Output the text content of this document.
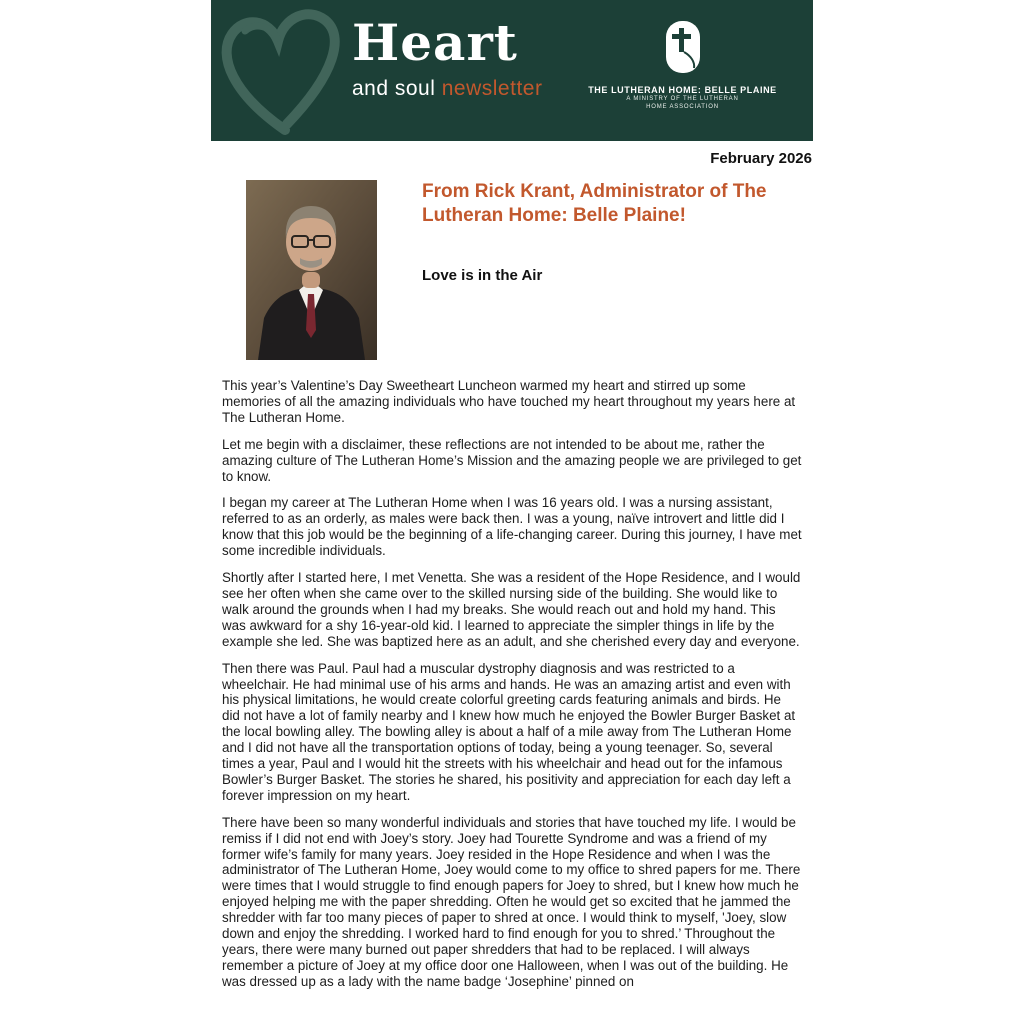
Heart
and soul newsletter	THE LUTHERAN HOME: BELLE PLAINE
A MINISTRY OF THE LUTHERAN
HOME ASSOCIATION
February 2026
From Rick Krant, Administrator of The Lutheran Home: Belle Plaine!
Love is in the Air

This year’s Valentine’s Day Sweetheart Luncheon warmed my heart and stirred up some memories of all the amazing individuals who have touched my heart throughout my years here at The Lutheran Home.

Let me begin with a disclaimer, these reflections are not intended to be about me, rather the amazing culture of The Lutheran Home’s Mission and the amazing people we are privileged to get to know.

I began my career at The Lutheran Home when I was 16 years old. I was a nursing assistant, referred to as an orderly, as males were back then. I was a young, naïve introvert and little did I know that this job would be the beginning of a life-changing career. During this journey, I have met some incredible individuals.

Shortly after I started here, I met Venetta. She was a resident of the Hope Residence, and I would see her often when she came over to the skilled nursing side of the building. She would like to walk around the grounds when I had my breaks. She would reach out and hold my hand. This was awkward for a shy 16-year-old kid. I learned to appreciate the simpler things in life by the example she led. She was baptized here as an adult, and she cherished every day and everyone.

Then there was Paul. Paul had a muscular dystrophy diagnosis and was restricted to a wheelchair. He had minimal use of his arms and hands. He was an amazing artist and even with his physical limitations, he would create colorful greeting cards featuring animals and birds. He did not have a lot of family nearby and I knew how much he enjoyed the Bowler Burger Basket at the local bowling alley. The bowling alley is about a half of a mile away from The Lutheran Home and I did not have all the transportation options of today, being a young teenager. So, several times a year, Paul and I would hit the streets with his wheelchair and head out for the infamous Bowler’s Burger Basket. The stories he shared, his positivity and appreciation for each day left a forever impression on my heart.

There have been so many wonderful individuals and stories that have touched my life. I would be remiss if I did not end with Joey’s story. Joey had Tourette Syndrome and was a friend of my former wife’s family for many years. Joey resided in the Hope Residence and when I was the administrator of The Lutheran Home, Joey would come to my office to shred papers for me. There were times that I would struggle to find enough papers for Joey to shred, but I knew how much he enjoyed helping me with the paper shredding. Often he would get so excited that he jammed the shredder with far too many pieces of paper to shred at once. I would think to myself, 'Joey, slow down and enjoy the shredding. I worked hard to find enough for you to shred.’ Throughout the years, there were many burned out paper shredders that had to be replaced. I will always remember a picture of Joey at my office door one Halloween, when I was out of the building. He was dressed up as a lady with the name badge ‘Josephine’ pinned on
